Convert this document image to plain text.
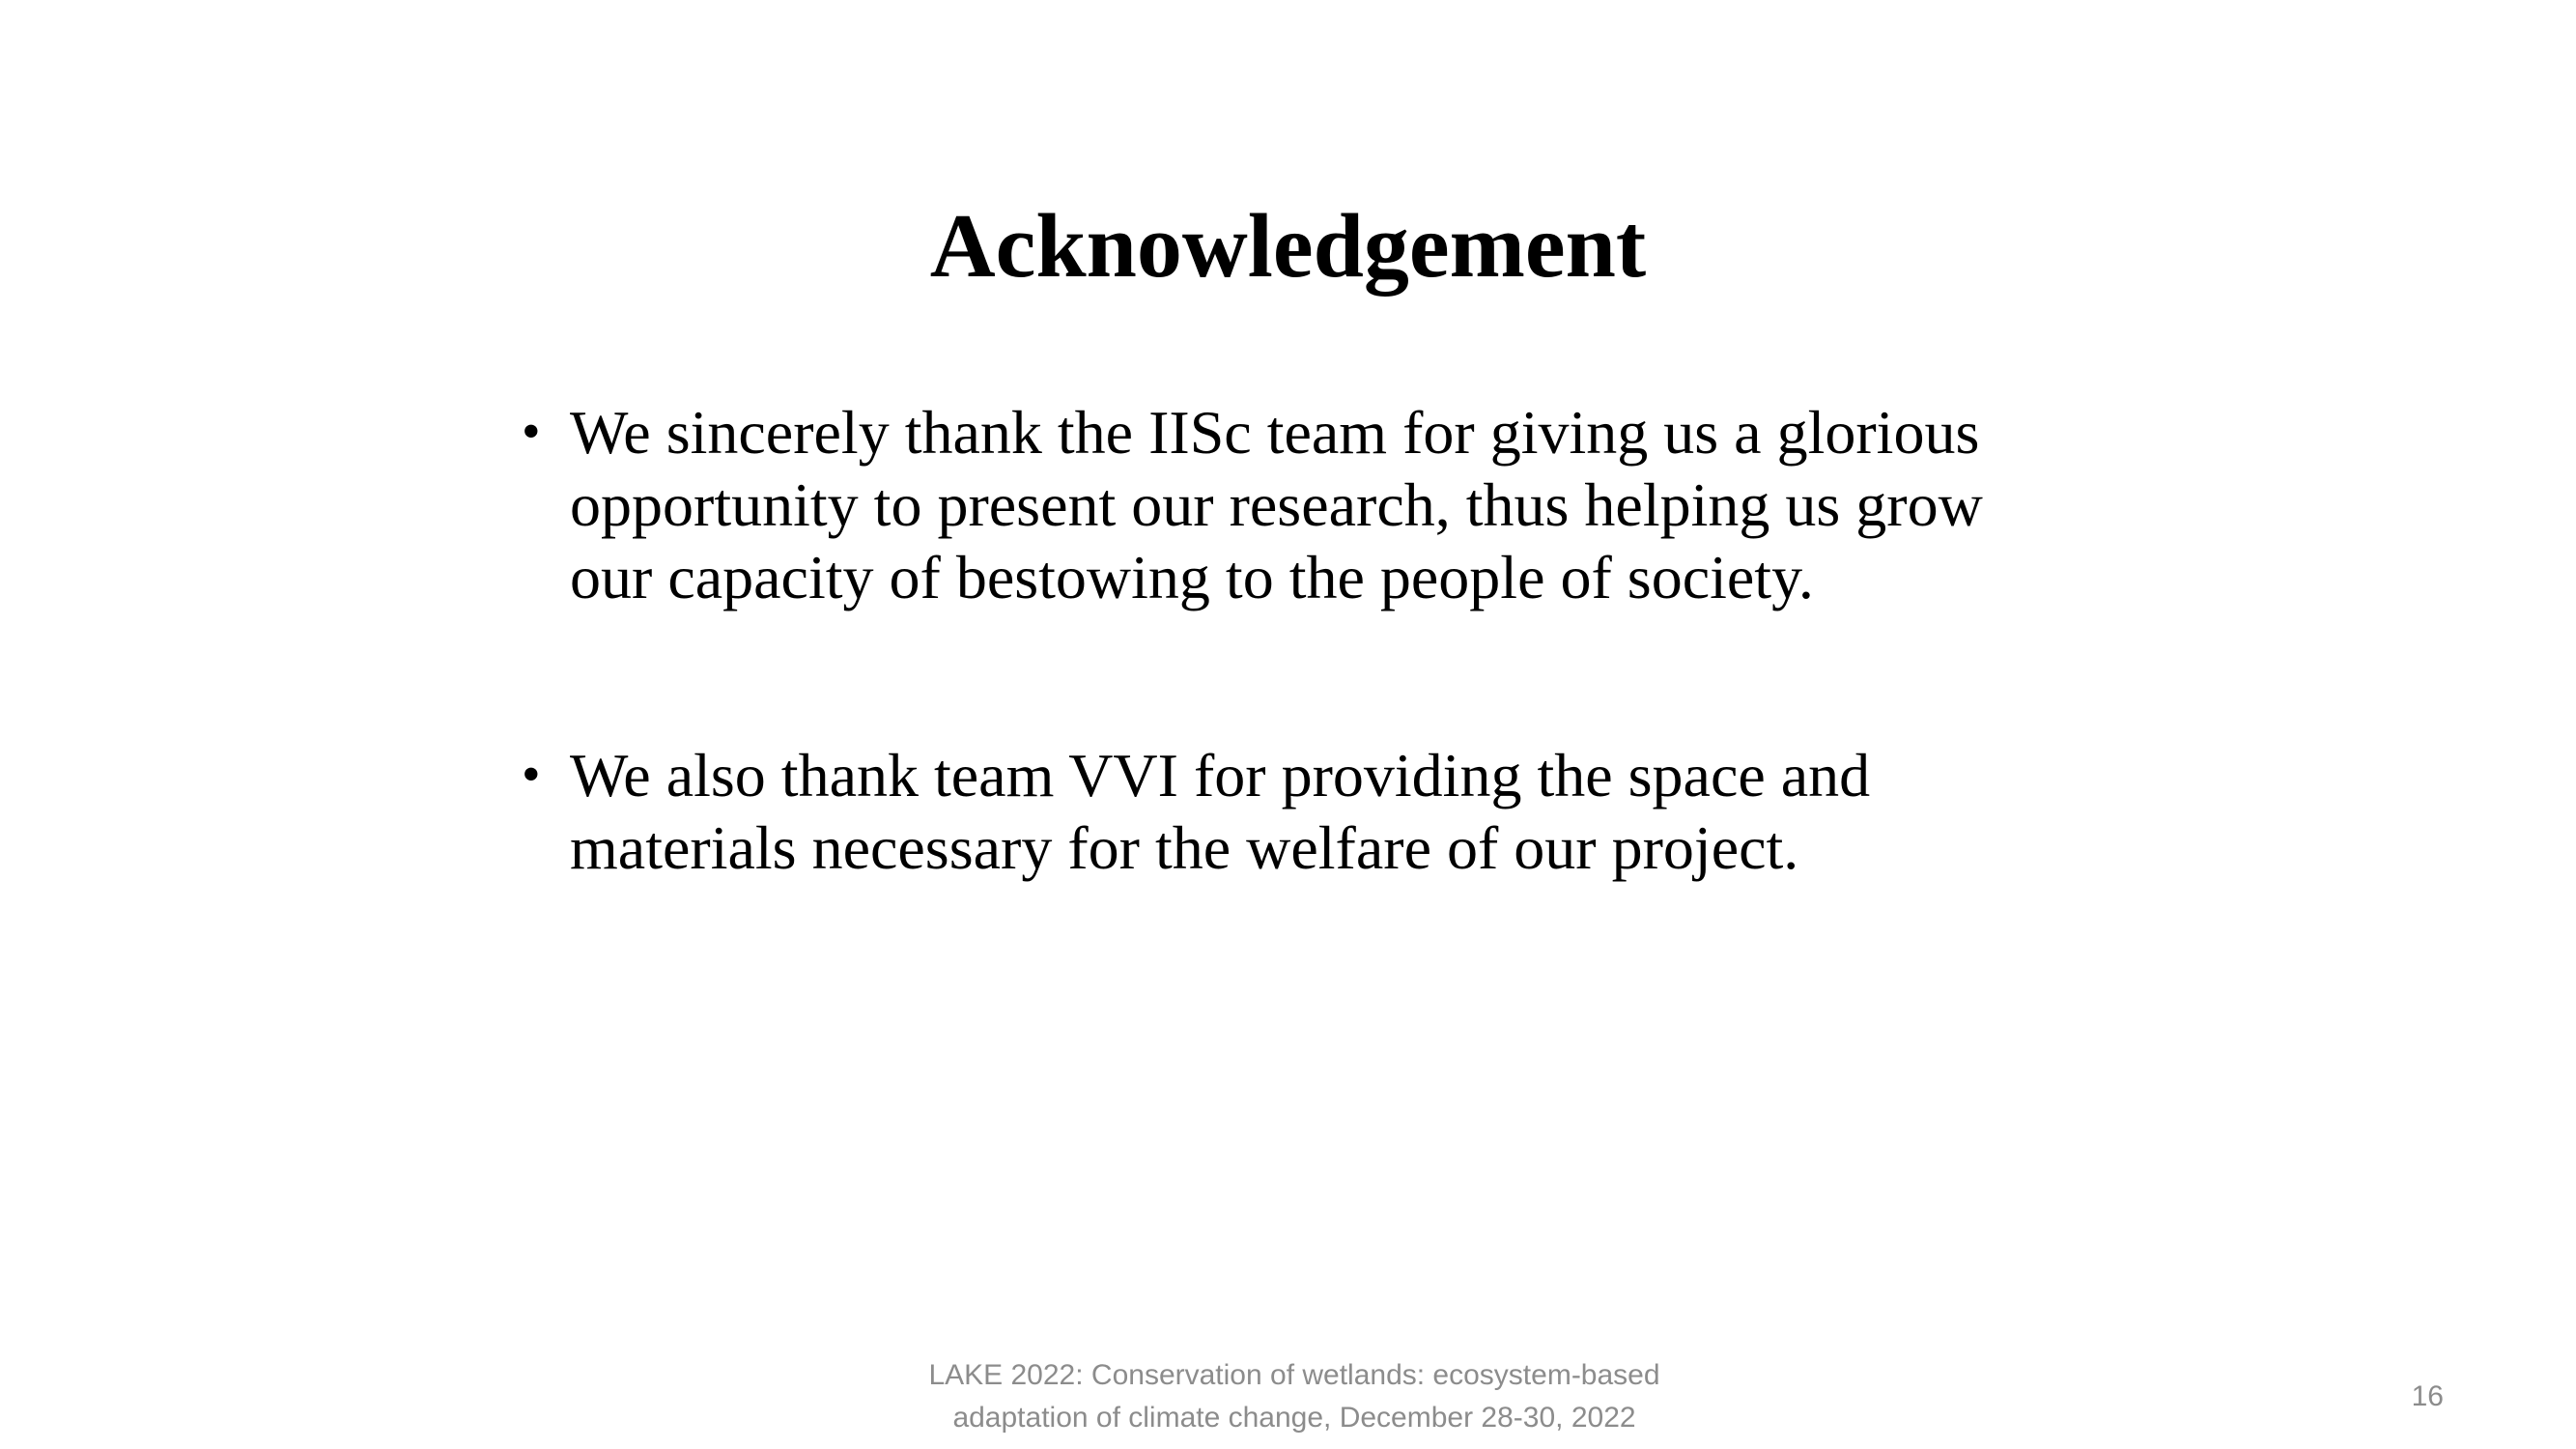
Acknowledgement
• We sincerely thank the IISc team for giving us a glorious
opportunity to present our research, thus helping us grow
our capacity of bestowing to the people of society.
• We also thank team VVI for providing the space and
materials necessary for the welfare of our project.
LAKE 2022: Conservation of wetlands: ecosystem-based
adaptation of climate change, December 28-30, 2022
16
